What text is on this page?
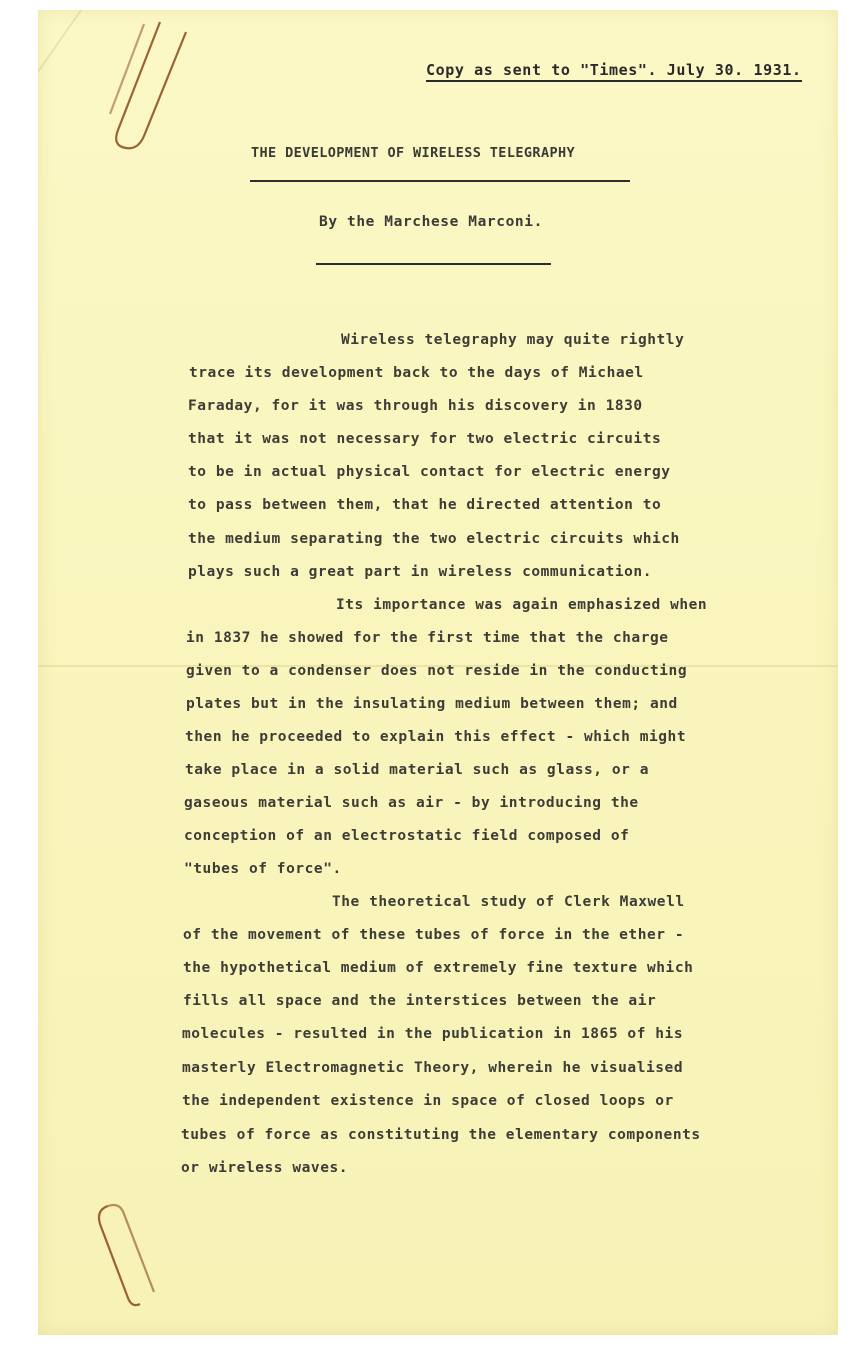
Copy as sent to "Times". July 30. 1931.
THE DEVELOPMENT OF WIRELESS TELEGRAPHY
By the Marchese Marconi.
Wireless telegraphy may quite rightly
trace its development back to the days of Michael
Faraday, for it was through his discovery in 1830
that it was not necessary for two electric circuits
to be in actual physical contact for electric energy
to pass between them, that he directed attention to
the medium separating the two electric circuits which
plays such a great part in wireless communication.
Its importance was again emphasized when
in 1837 he showed for the first time that the charge
given to a condenser does not reside in the conducting
plates but in the insulating medium between them; and
then he proceeded to explain this effect - which might
take place in a solid material such as glass, or a
gaseous material such as air - by introducing the
conception of an electrostatic field composed of
"tubes of force".
The theoretical study of Clerk Maxwell
of the movement of these tubes of force in the ether -
the hypothetical medium of extremely fine texture which
fills all space and the interstices between the air
molecules - resulted in the publication in 1865 of his
masterly Electromagnetic Theory, wherein he visualised
the independent existence in space of closed loops or
tubes of force as constituting the elementary components
or wireless waves.
